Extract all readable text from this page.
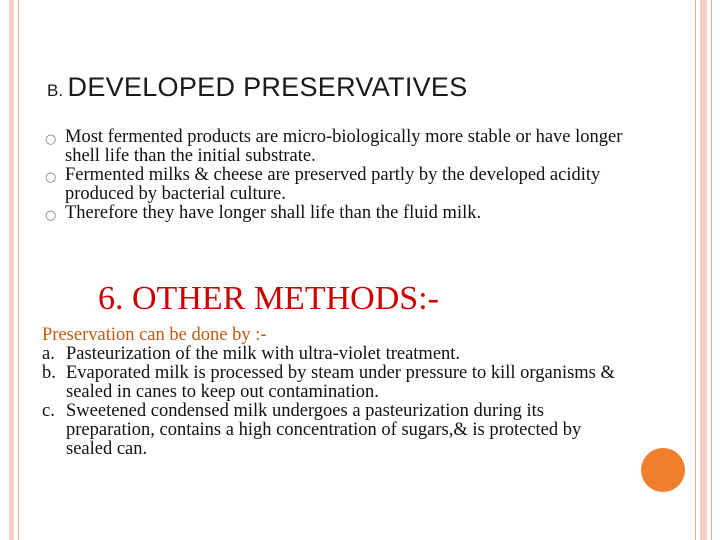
B. DEVELOPED PRESERVATIVES
○ Most fermented products are micro-biologically more stable or have longer shell life than the initial substrate.
○ Fermented milks & cheese are preserved partly by the developed acidity produced by bacterial culture.
○ Therefore they have longer shall life than the fluid milk.
6. OTHER METHODS:-
Preservation can be done by :-
a. Pasteurization of the milk with ultra-violet treatment.
b. Evaporated milk is processed by steam under pressure to kill organisms & sealed in canes to keep out contamination.
c. Sweetened condensed milk undergoes a pasteurization during its preparation, contains a high concentration of sugars,& is protected by sealed can.
